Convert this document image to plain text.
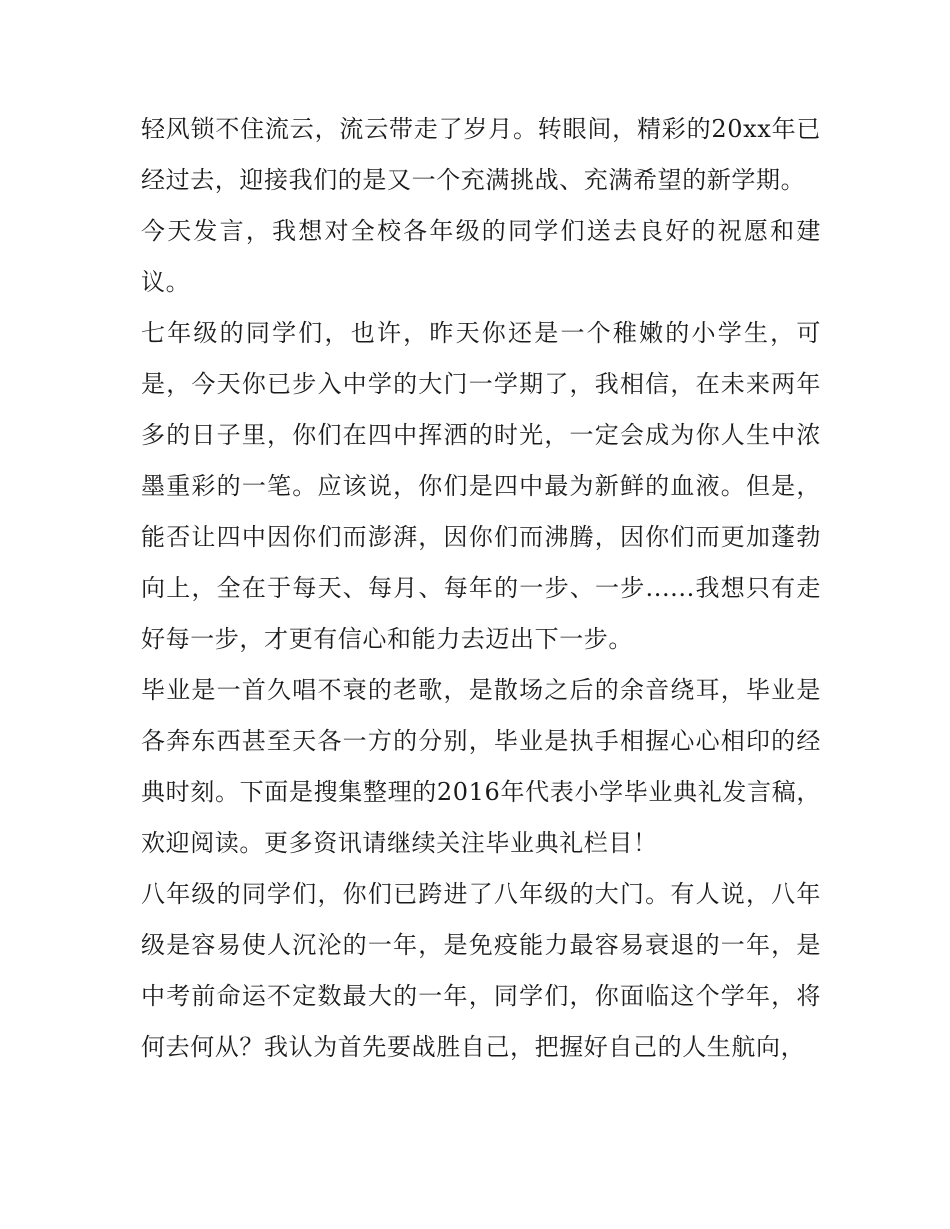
轻风锁不住流云，流云带走了岁月。转眼间，精彩的20xx年已经过去，迎接我们的是又一个充满挑战、充满希望的新学期。

今天发言，我想对全校各年级的同学们送去良好的祝愿和建议。

七年级的同学们，也许，昨天你还是一个稚嫩的小学生，可是，今天你已步入中学的大门一学期了，我相信，在未来两年多的日子里，你们在四中挥洒的时光，一定会成为你人生中浓墨重彩的一笔。应该说，你们是四中最为新鲜的血液。但是，能否让四中因你们而澎湃，因你们而沸腾，因你们而更加蓬勃向上，全在于每天、每月、每年的一步、一步......我想只有走好每一步，才更有信心和能力去迈出下一步。

毕业是一首久唱不衰的老歌，是散场之后的余音绕耳，毕业是各奔东西甚至天各一方的分别，毕业是执手相握心心相印的经典时刻。下面是搜集整理的2016年代表小学毕业典礼发言稿，欢迎阅读。更多资讯请继续关注毕业典礼栏目！

八年级的同学们，你们已跨进了八年级的大门。有人说，八年级是容易使人沉沦的一年，是免疫能力最容易衰退的一年，是中考前命运不定数最大的一年，同学们，你面临这个学年，将何去何从？我认为首先要战胜自己，把握好自己的人生航向，
